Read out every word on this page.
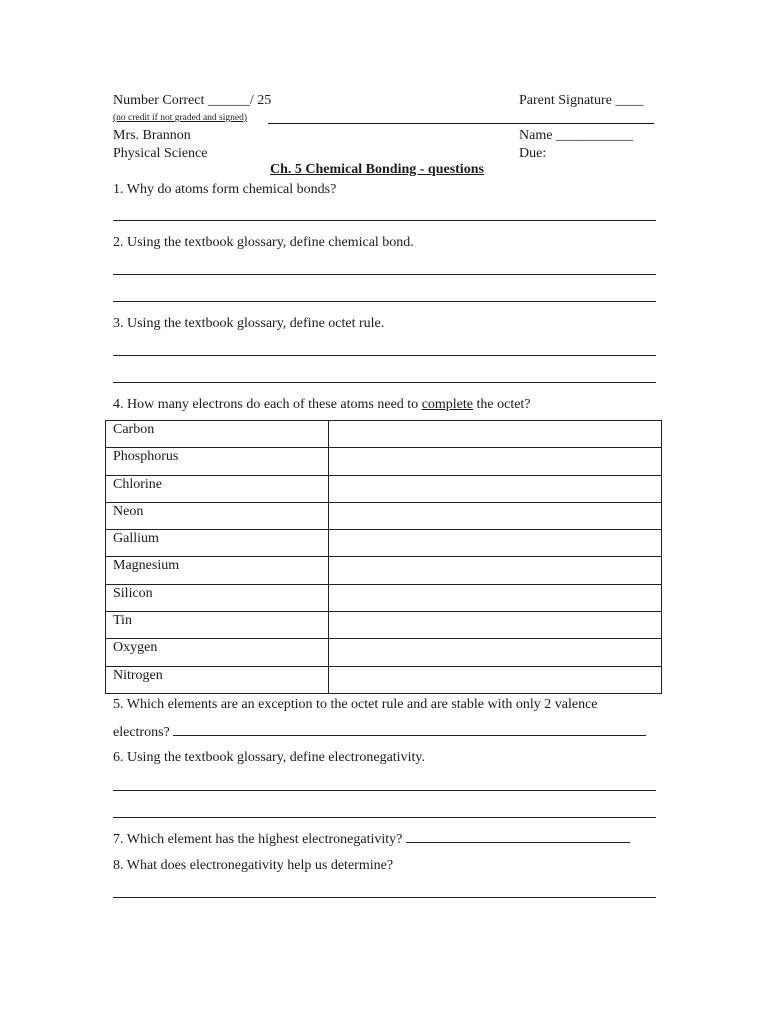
Number Correct ______/ 25
(no credit if not graded and signed)
Parent Signature ____
Mrs. Brannon	Name ___________
Physical Science	Due:
Ch. 5 Chemical Bonding - questions
1. Why do atoms form chemical bonds?
2. Using the textbook glossary, define chemical bond.
3. Using the textbook glossary, define octet rule.
4. How many electrons do each of these atoms need to complete the octet?
Carbon	
Phosphorus	
Chlorine	
Neon	
Gallium	
Magnesium	
Silicon	
Tin	
Oxygen	
Nitrogen	
5. Which elements are an exception to the octet rule and are stable with only 2 valence
electrons?
6. Using the textbook glossary, define electronegativity.
7. Which element has the highest electronegativity?
8. What does electronegativity help us determine?
